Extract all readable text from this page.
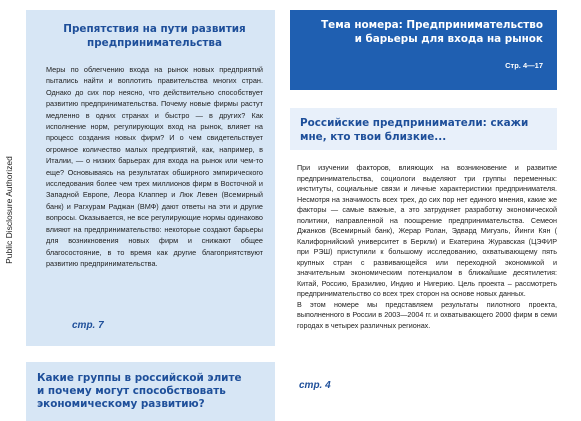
Public Disclosure Authorized
Препятствия на пути развития предпринимательства

Меры по облегчению входа на рынок новых предприятий пытались найти и воплотить правительства многих стран. Однако до сих пор неясно, что действительно способствует развитию предпринимательства. Почему новые фирмы растут медленно в одних странах и быстро — в других? Как исполнение норм, регулирующих вход на рынок, влияет на процесс создания новых фирм? И о чем свидетельствует огромное количество малых предприятий, как, например, в Италии, — о низких барьерах для входа на рынок или чем-то еще? Основываясь на результатах обширного эмпирического исследования более чем трех миллионов фирм в Восточной и Западной Европе, Леора Клаппер и Люк Левен (Всемирный банк) и Рагхурам Раджан (ВМФ) дают ответы на эти и другие вопросы. Оказывается, не все регулирующие нормы одинаково влияют на предпринимательство: некоторые создают барьеры для возникновения новых фирм и снижают общее благосостояние, в то время как другие благоприятствуют развитию предпринимательства.

стр. 7
Какие группы в российской элите
и почему могут способствовать
экономическому развитию?
Тема номера: Предпринимательство
и барьеры для входа на рынок
Стр. 4—17
Российские предприниматели: скажи
мне, кто твои близкие...

При изучении факторов, влияющих на возникновение и развитие предпринимательства, социологи выделяют три группы переменных: институты, социальные связи и личные характеристики предпринимателя. Несмотря на значимость всех трех, до сих пор нет единого мнения, какие же факторы — самые важные, а это затрудняет разработку экономической политики, направленной на поощрение предпринимательства. Семеон Джанков (Всемирный банк), Жерар Ролан, Эдвард Мигуэль, Йинги Кян ( Калифорнийский университет в Беркли) и Екатерина Журавская (ЦЭФИР при РЭШ) приступили к большому исследованию, охватывающему пять крупных стран с развивающейся или переходной экономикой и значительным экономическим потенциалом в ближайшие десятилетия: Китай, Россию, Бразилию, Индию и Нигерию. Цель проекта – рассмотреть предпринимательство со всех трех сторон на основе новых данных.
В этом номере мы представляем результаты пилотного проекта, выполненного в России в 2003—2004 гг. и охватывающего 2000 фирм в семи городах в четырех различных регионах.

стр. 4
